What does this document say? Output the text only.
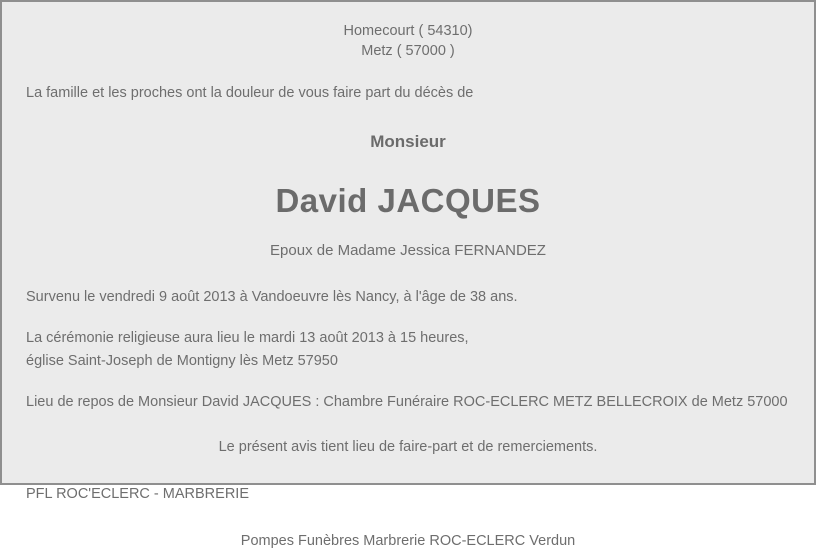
Homecourt ( 54310)

Metz ( 57000 )

La famille et les proches ont la douleur de vous faire part du décès de

Monsieur
David JACQUES
Epoux de Madame Jessica FERNANDEZ

Survenu le vendredi 9 août 2013 à Vandoeuvre lès Nancy, à l'âge de 38 ans.

La cérémonie religieuse aura lieu le mardi 13 août 2013 à 15 heures,

église Saint-Joseph de Montigny lès Metz 57950

Lieu de repos de Monsieur David JACQUES : Chambre Funéraire ROC-ECLERC METZ BELLECROIX de Metz 57000

Le présent avis tient lieu de faire-part et de remerciements.

PFL ROC'ECLERC - MARBRERIE

Pompes Funèbres Marbrerie ROC-ECLERC Verdun
